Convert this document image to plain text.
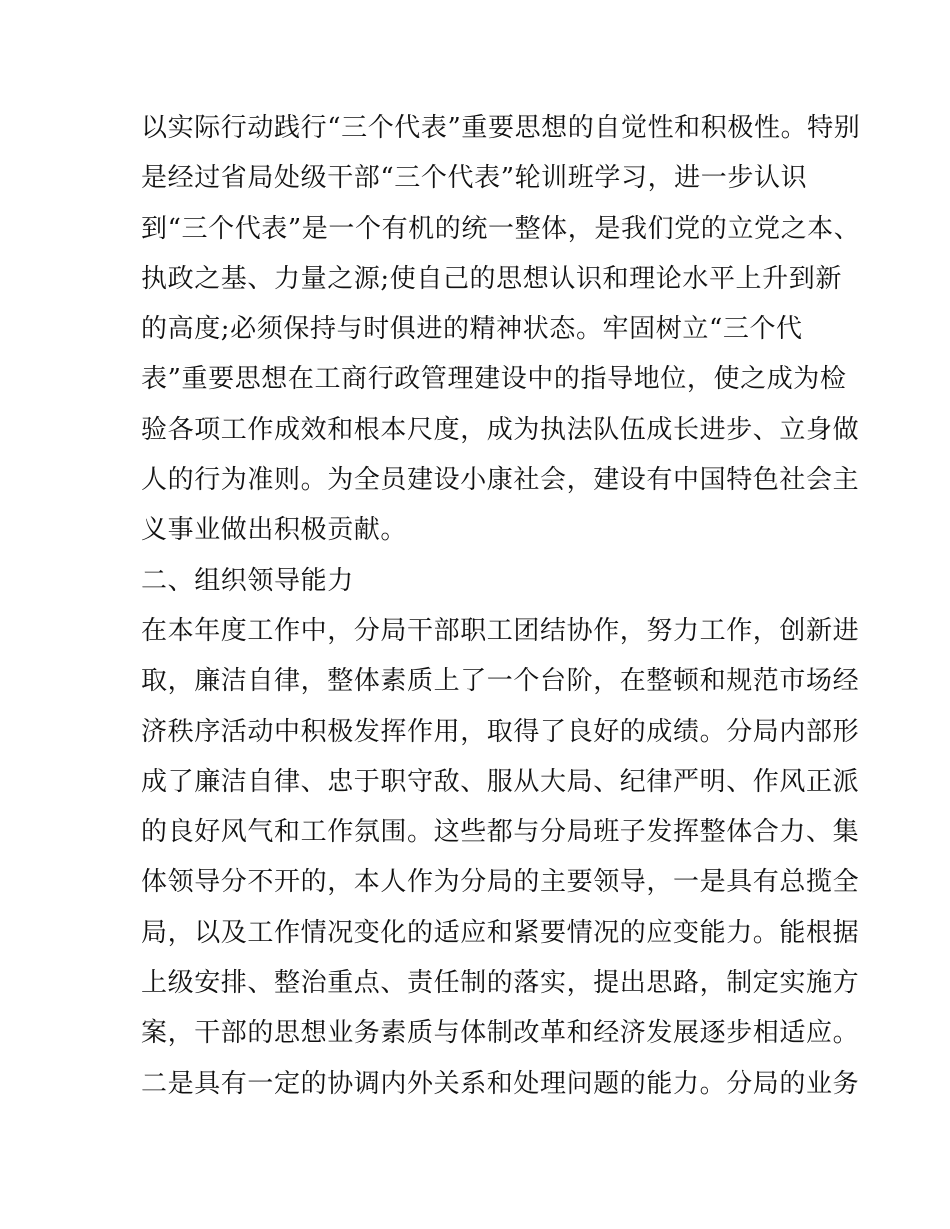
以实际行动践行“三个代表”重要思想的自觉性和积极性。特别
是经过省局处级干部“三个代表”轮训班学习，进一步认识
到“三个代表”是一个有机的统一整体，是我们党的立党之本、
执政之基、力量之源;使自己的思想认识和理论水平上升到新
的高度;必须保持与时俱进的精神状态。牢固树立“三个代
表”重要思想在工商行政管理建设中的指导地位，使之成为检
验各项工作成效和根本尺度，成为执法队伍成长进步、立身做
人的行为准则。为全员建设小康社会，建设有中国特色社会主
义事业做出积极贡献。
二、组织领导能力
在本年度工作中，分局干部职工团结协作，努力工作，创新进
取，廉洁自律，整体素质上了一个台阶，在整顿和规范市场经
济秩序活动中积极发挥作用，取得了良好的成绩。分局内部形
成了廉洁自律、忠于职守敌、服从大局、纪律严明、作风正派
的良好风气和工作氛围。这些都与分局班子发挥整体合力、集
体领导分不开的，本人作为分局的主要领导，一是具有总揽全
局，以及工作情况变化的适应和紧要情况的应变能力。能根据
上级安排、整治重点、责任制的落实，提出思路，制定实施方
案，干部的思想业务素质与体制改革和经济发展逐步相适应。
二是具有一定的协调内外关系和处理问题的能力。分局的业务
